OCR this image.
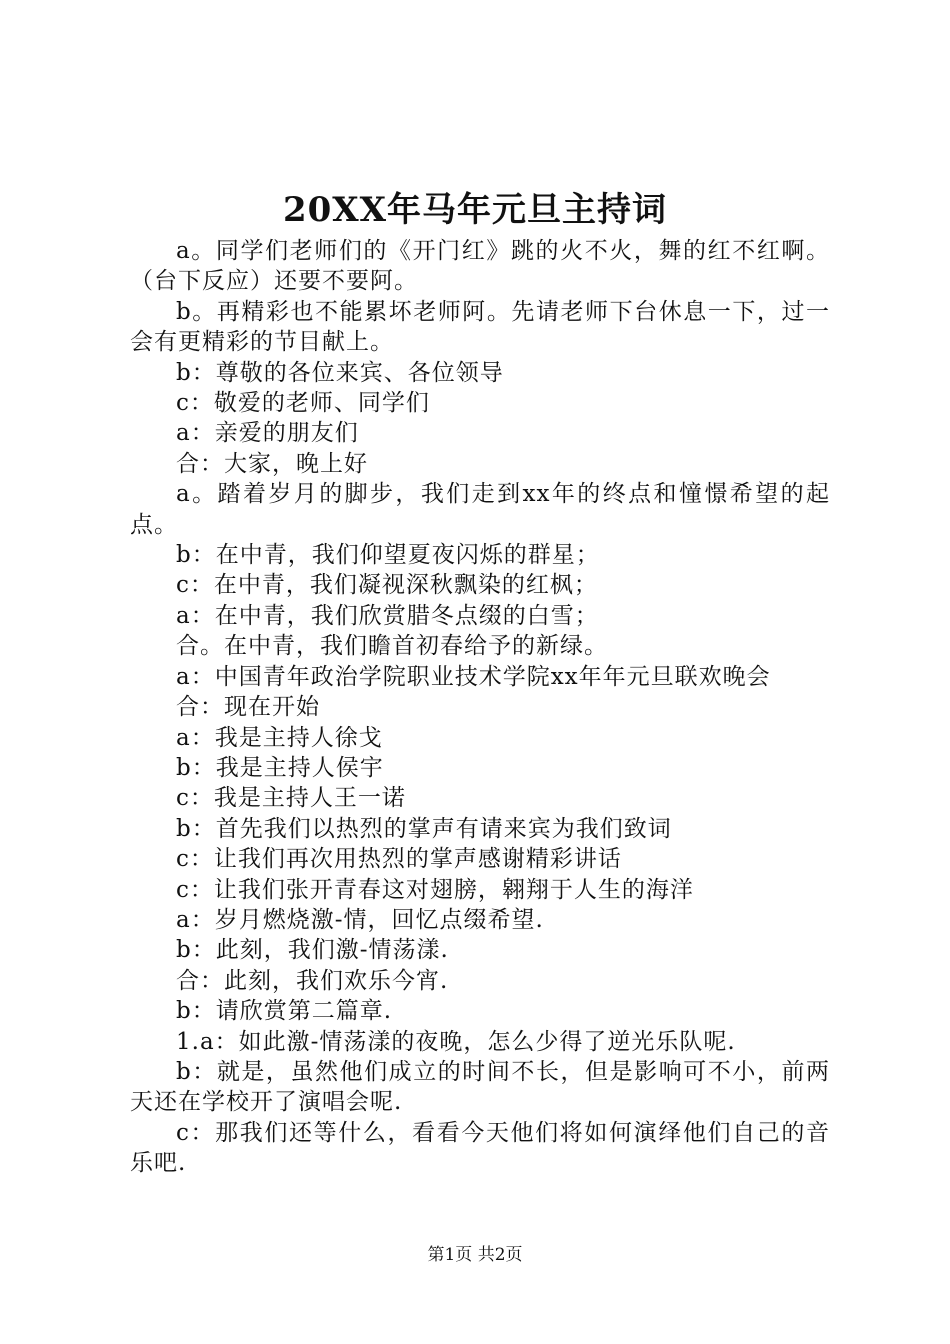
20XX年马年元旦主持词

a。同学们老师们的《开门红》跳的火不火，舞的红不红啊。（台下反应）还要不要阿。

b。再精彩也不能累坏老师阿。先请老师下台休息一下，过一会有更精彩的节目献上。

b：尊敬的各位来宾、各位领导

c：敬爱的老师、同学们

a：亲爱的朋友们

合：大家，晚上好

a。踏着岁月的脚步，我们走到xx年的终点和憧憬希望的起点。

b：在中青，我们仰望夏夜闪烁的群星；

c：在中青，我们凝视深秋飘染的红枫；

a：在中青，我们欣赏腊冬点缀的白雪；

合。在中青，我们瞻首初春给予的新绿。

a：中国青年政治学院职业技术学院xx年年元旦联欢晚会

合：现在开始

a：我是主持人徐戈

b：我是主持人侯宇

c：我是主持人王一诺

b：首先我们以热烈的掌声有请来宾为我们致词

c：让我们再次用热烈的掌声感谢精彩讲话

c：让我们张开青春这对翅膀，翱翔于人生的海洋

a：岁月燃烧激-情，回忆点缀希望.

b：此刻，我们激-情荡漾.

合：此刻，我们欢乐今宵.

b：请欣赏第二篇章.

1.a：如此激-情荡漾的夜晚，怎么少得了逆光乐队呢.

b：就是，虽然他们成立的时间不长，但是影响可不小，前两天还在学校开了演唱会呢.

c：那我们还等什么，看看今天他们将如何演绎他们自己的音乐吧.

第1页 共2页
